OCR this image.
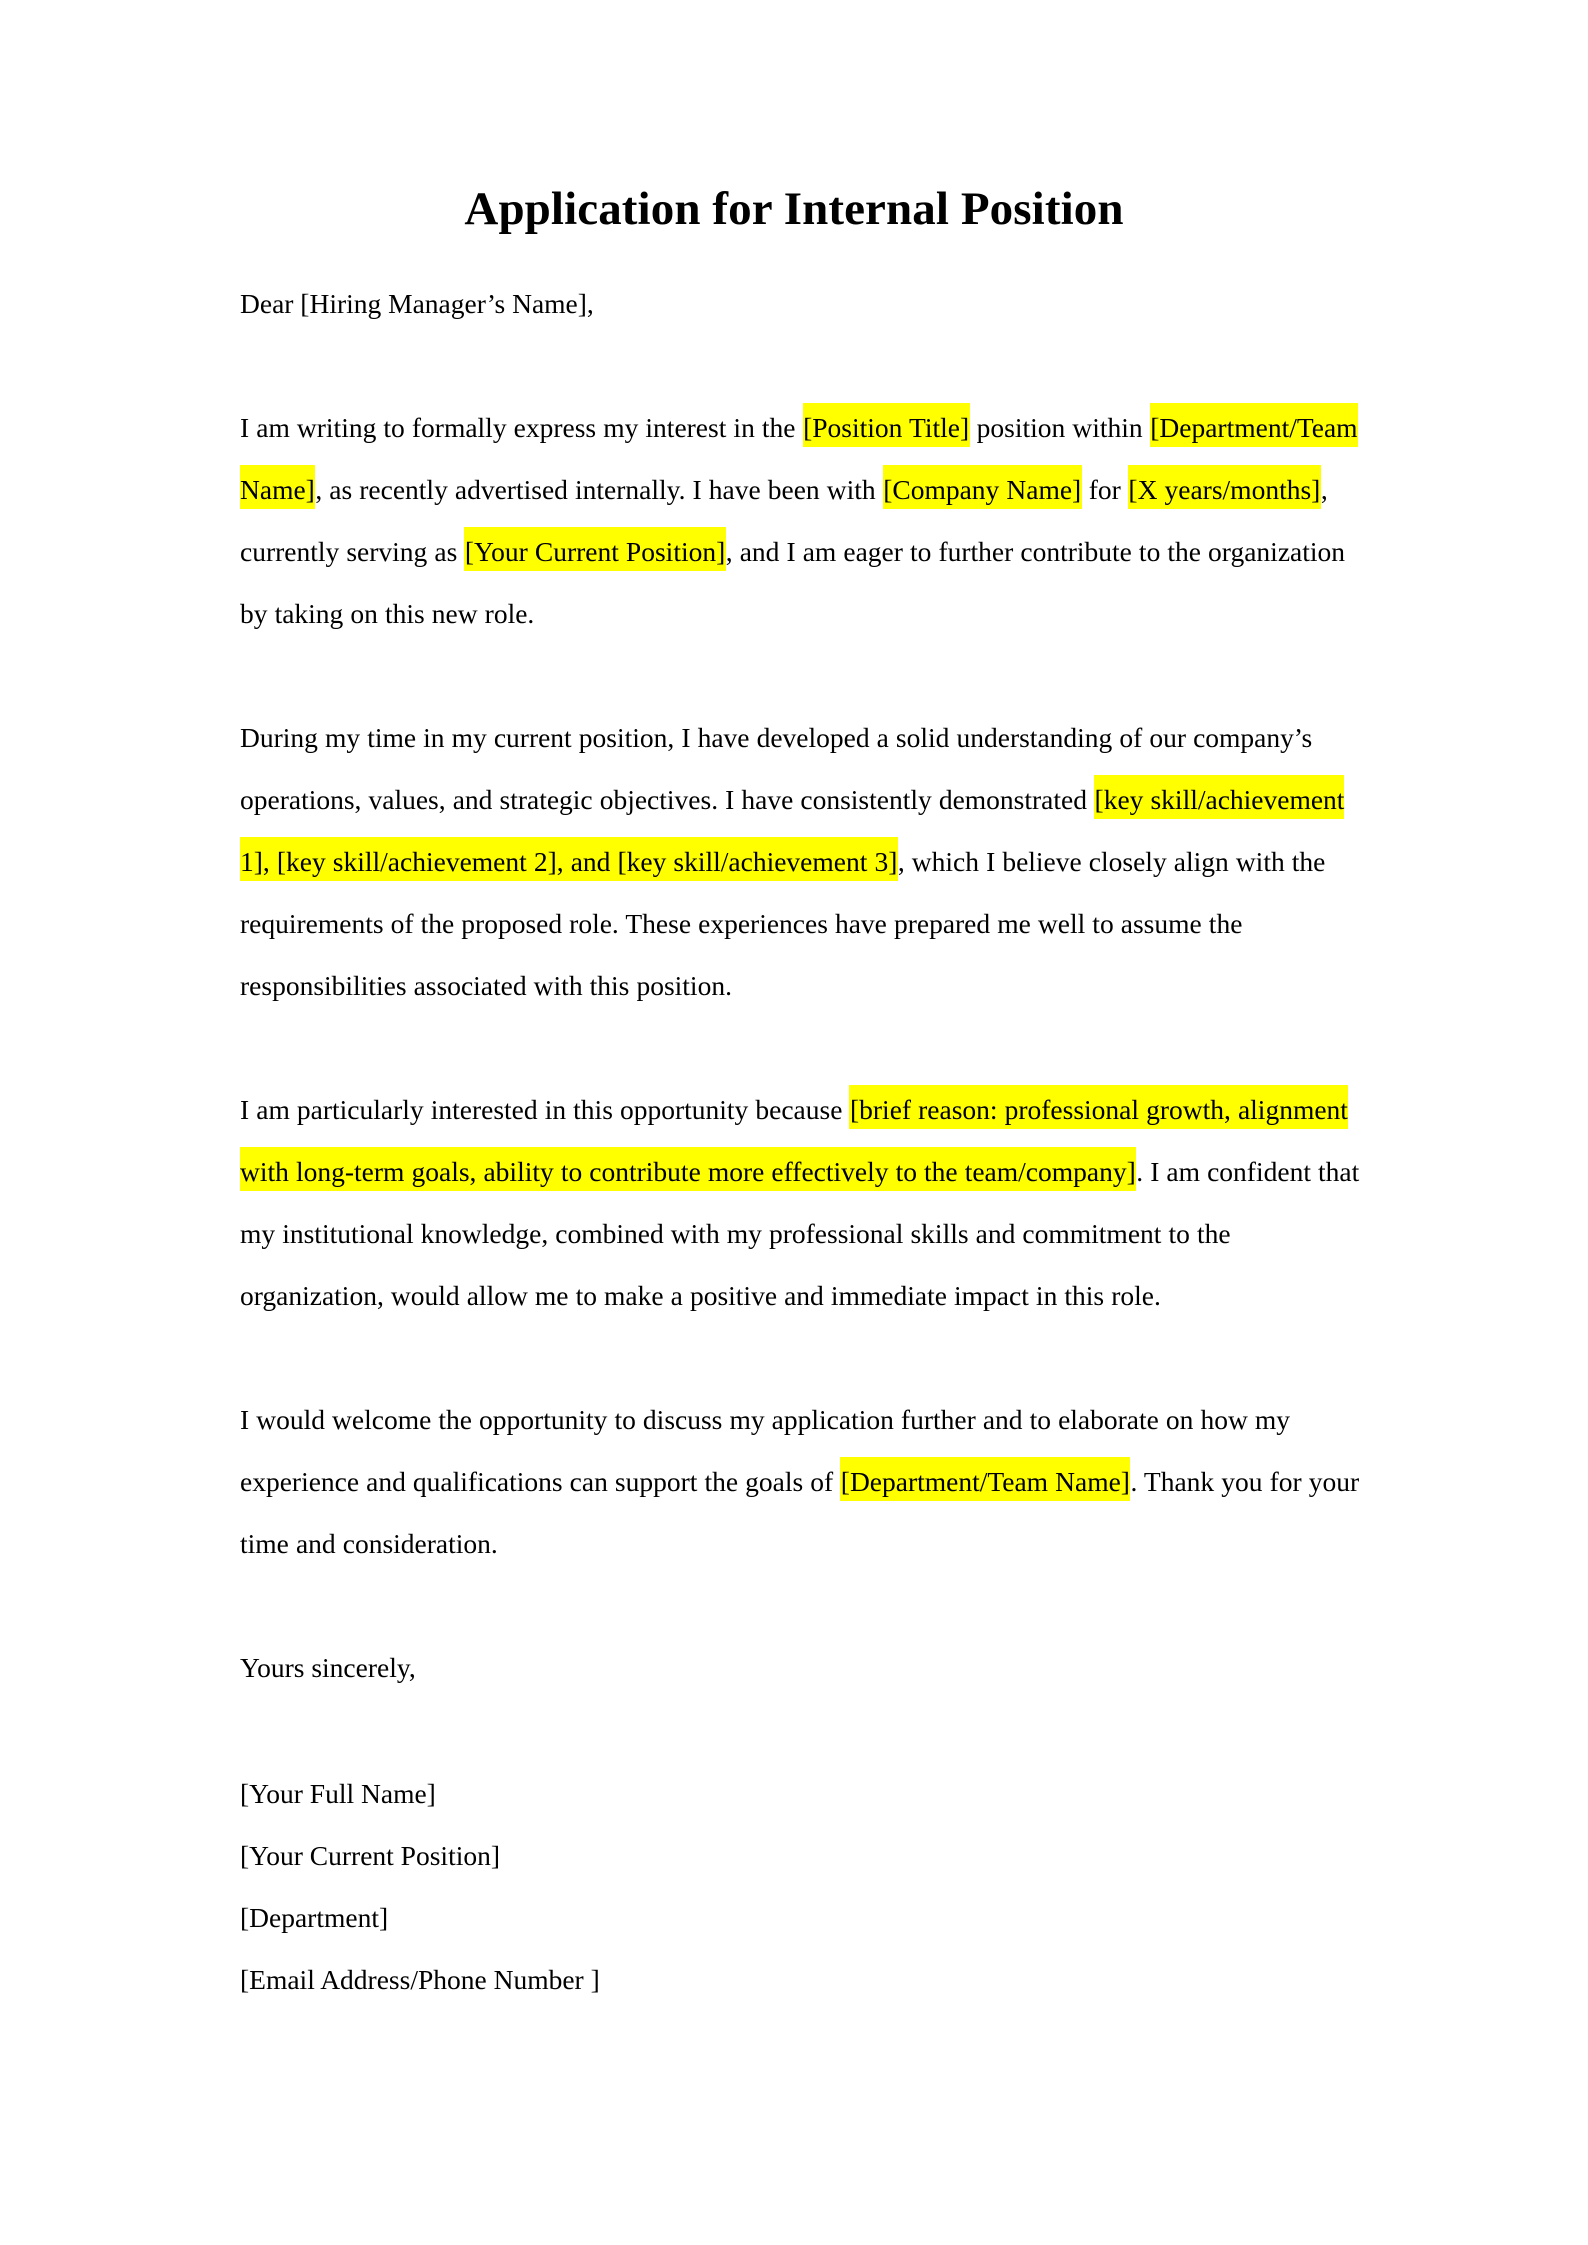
Application for Internal Position

Dear [Hiring Manager’s Name],

I am writing to formally express my interest in the [Position Title] position within [Department/Team Name], as recently advertised internally. I have been with [Company Name] for [X years/months], currently serving as [Your Current Position], and I am eager to further contribute to the organization by taking on this new role.

During my time in my current position, I have developed a solid understanding of our company’s operations, values, and strategic objectives. I have consistently demonstrated [key skill/achievement 1], [key skill/achievement 2], and [key skill/achievement 3], which I believe closely align with the requirements of the proposed role. These experiences have prepared me well to assume the responsibilities associated with this position.

I am particularly interested in this opportunity because [brief reason: professional growth, alignment with long-term goals, ability to contribute more effectively to the team/company]. I am confident that my institutional knowledge, combined with my professional skills and commitment to the organization, would allow me to make a positive and immediate impact in this role.

I would welcome the opportunity to discuss my application further and to elaborate on how my experience and qualifications can support the goals of [Department/Team Name]. Thank you for your time and consideration.

Yours sincerely,

[Your Full Name]

[Your Current Position]

[Department]

[Email Address/Phone Number ]
